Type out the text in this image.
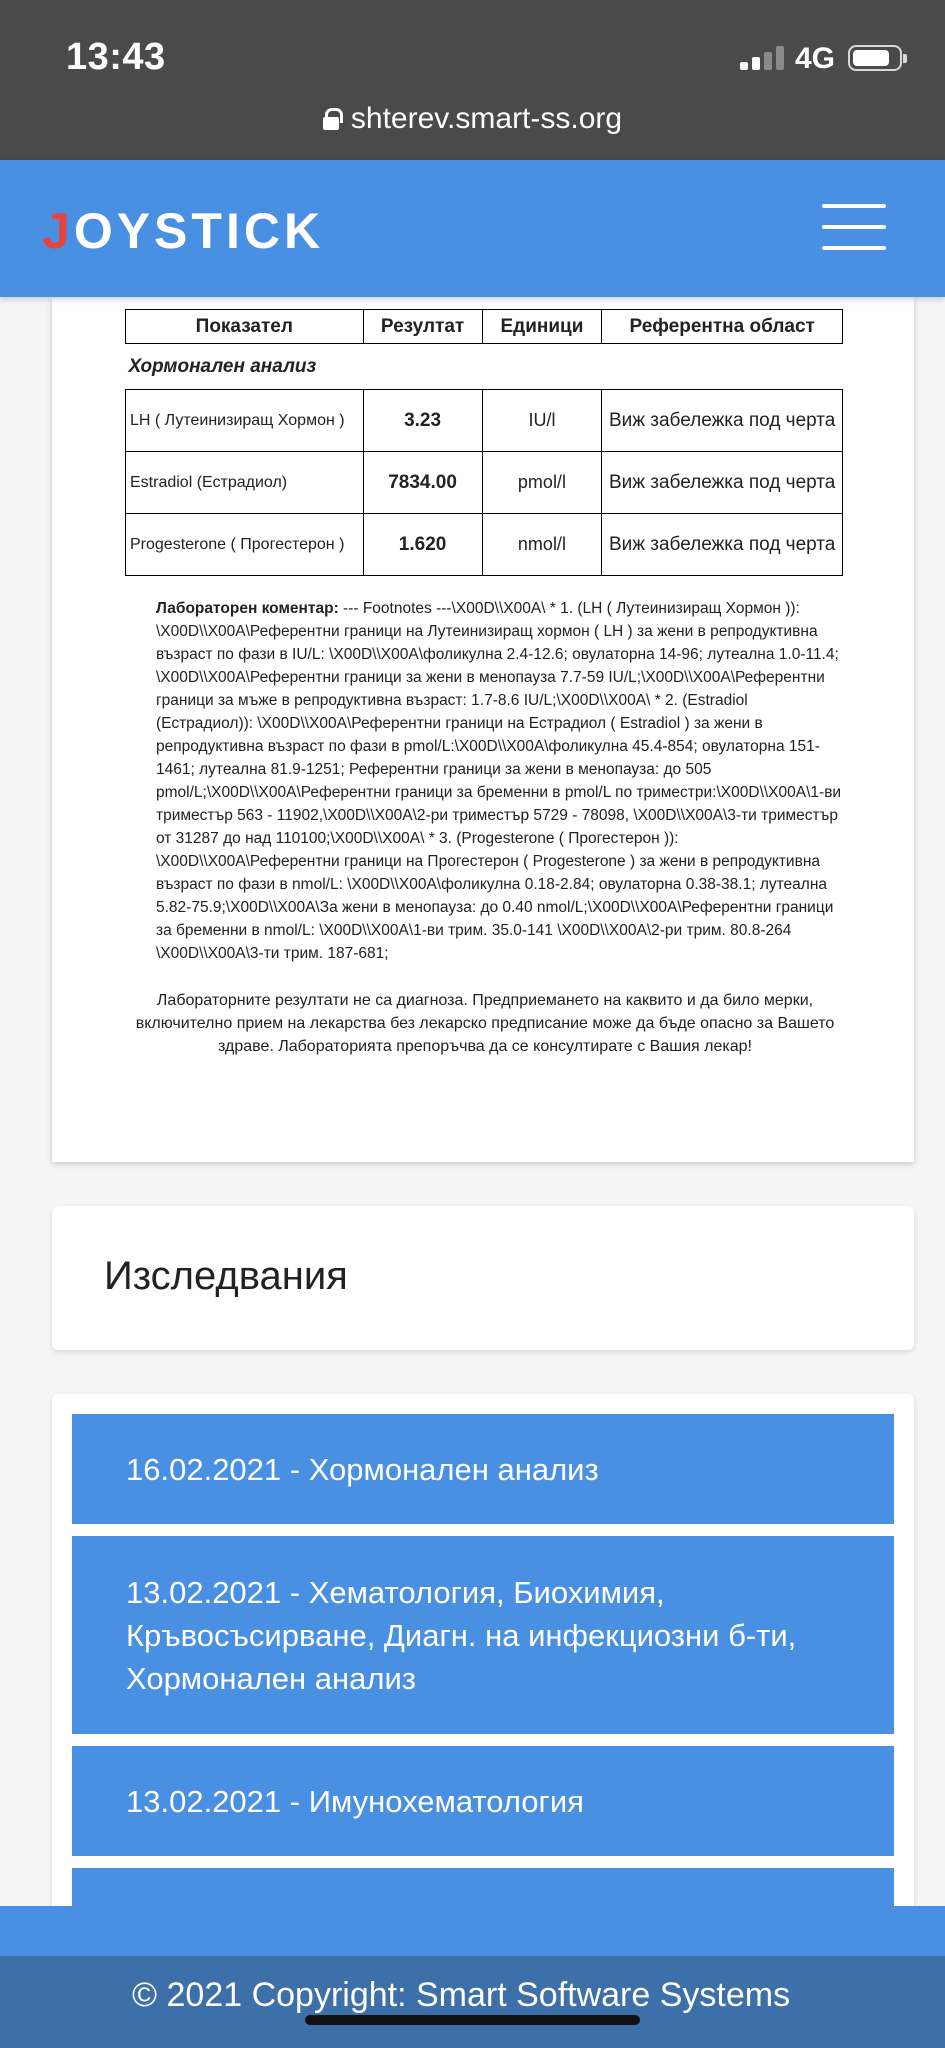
13:43	4G
shterev.smart-ss.org
JOYSTICK
Показател	Резултат	Единици	Референтна област
Хормонален анализ			
LH ( Лутеинизиращ Хормон )	3.23	IU/l	Виж забележка под черта
Estradiol (Естрадиол)	7834.00	pmol/l	Виж забележка под черта
Progesterone ( Прогестерон )	1.620	nmol/l	Виж забележка под черта

Лабораторен коментар: --- Footnotes ---\X00D\\X00A\ * 1. (LH ( Лутеинизиращ Хормон )): \X00D\\X00A\Референтни граници на Лутеинизиращ хормон ( LH ) за жени в репродуктивна възраст по фази в IU/L: \X00D\\X00A\фоликулна 2.4-12.6; овулаторна 14-96; лутеална 1.0-11.4; \X00D\\X00A\Референтни граници за жени в менопауза 7.7-59 IU/L;\X00D\\X00A\Референтни граници за мъже в репродуктивна възраст: 1.7-8.6 IU/L;\X00D\\X00A\ * 2. (Estradiol (Естрадиол)): \X00D\\X00A\Референтни граници на Естрадиол ( Estradiol ) за жени в репродуктивна възраст по фази в pmol/L:\X00D\\X00A\фоликулна 45.4-854; овулаторна 151-1461; лутеална 81.9-1251; Референтни граници за жени в менопауза: до 505 pmol/L;\X00D\\X00A\Референтни граници за бременни в pmol/L по триместри:\X00D\\X00A\1-ви триместър 563 - 11902,\X00D\\X00A\2-ри триместър 5729 - 78098, \X00D\\X00A\3-ти триместър от 31287 до над 110100;\X00D\\X00A\ * 3. (Progesterone ( Прогестерон )): \X00D\\X00A\Референтни граници на Прогестерон ( Progesterone ) за жени в репродуктивна възраст по фази в nmol/L: \X00D\\X00A\фоликулна 0.18-2.84; овулаторна 0.38-38.1; лутеална 5.82-75.9;\X00D\\X00A\За жени в менопауза: до 0.40 nmol/L;\X00D\\X00A\Референтни граници за бременни в nmol/L: \X00D\\X00A\1-ви трим. 35.0-141 \X00D\\X00A\2-ри трим. 80.8-264 \X00D\\X00A\3-ти трим. 187-681;

Лабораторните резултати не са диагноза. Предприемането на каквито и да било мерки, включително прием на лекарства без лекарско предписание може да бъде опасно за Вашето здраве. Лабораторията препоръчва да се консултирате с Вашия лекар!

Изследвания
16.02.2021 - Хормонален анализ
13.02.2021 - Хематология, Биохимия, Кръвосъсирване, Диагн. на инфекциозни б-ти, Хормонален анализ
13.02.2021 - Имунохематология
© 2021 Copyright: Smart Software Systems
